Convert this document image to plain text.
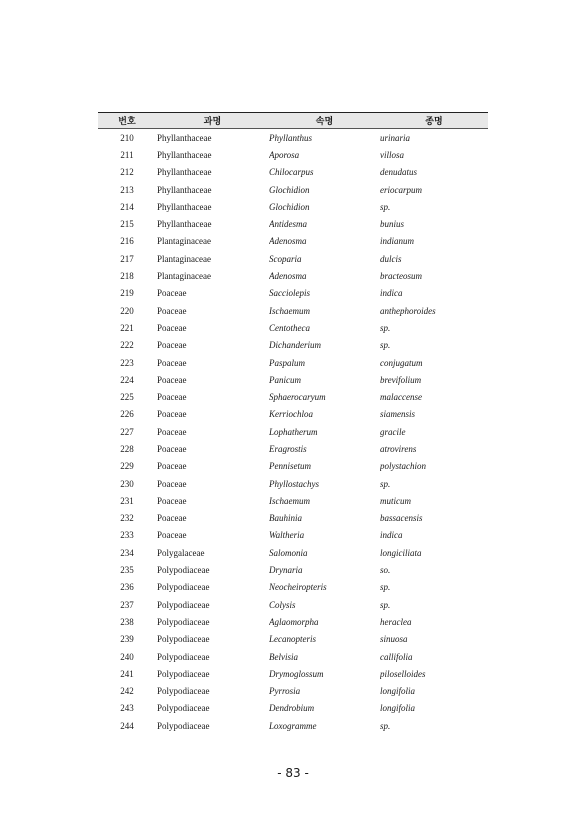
번호	과명	속명	종명
210	Phyllanthaceae	Phyllanthus	urinaria
211	Phyllanthaceae	Aporosa	villosa
212	Phyllanthaceae	Chilocarpus	denudatus
213	Phyllanthaceae	Glochidion	eriocarpum
214	Phyllanthaceae	Glochidion	sp.
215	Phyllanthaceae	Antidesma	bunius
216	Plantaginaceae	Adenosma	indianum
217	Plantaginaceae	Scoparia	dulcis
218	Plantaginaceae	Adenosma	bracteosum
219	Poaceae	Sacciolepis	indica
220	Poaceae	Ischaemum	anthephoroides
221	Poaceae	Centotheca	sp.
222	Poaceae	Dichanderium	sp.
223	Poaceae	Paspalum	conjugatum
224	Poaceae	Panicum	brevifolium
225	Poaceae	Sphaerocaryum	malaccense
226	Poaceae	Kerriochloa	siamensis
227	Poaceae	Lophatherum	gracile
228	Poaceae	Eragrostis	atrovirens
229	Poaceae	Pennisetum	polystachion
230	Poaceae	Phyllostachys	sp.
231	Poaceae	Ischaemum	muticum
232	Poaceae	Bauhinia	bassacensis
233	Poaceae	Waltheria	indica
234	Polygalaceae	Salomonia	longiciliata
235	Polypodiaceae	Drynaria	so.
236	Polypodiaceae	Neocheiropteris	sp.
237	Polypodiaceae	Colysis	sp.
238	Polypodiaceae	Aglaomorpha	heraclea
239	Polypodiaceae	Lecanopteris	sinuosa
240	Polypodiaceae	Belvisia	callifolia
241	Polypodiaceae	Drymoglossum	piloselloides
242	Polypodiaceae	Pyrrosia	longifolia
243	Polypodiaceae	Dendrobium	longifolia
244	Polypodiaceae	Loxogramme	sp.
- 83 -
